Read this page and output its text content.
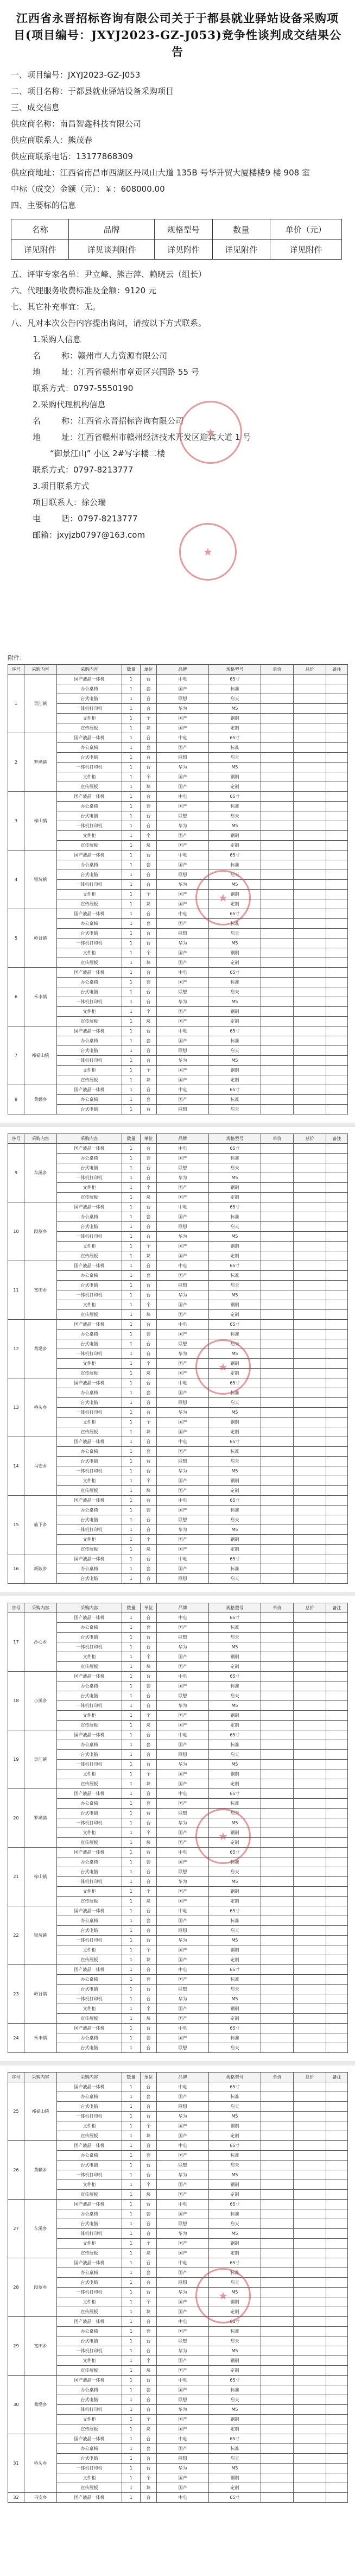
江西省永晋招标咨询有限公司关于于都县就业驿站设备采购项目(项目编号：JXYJ2023-GZ-J053)竞争性谈判成交结果公告
一、项目编号：JXYJ2023-GZ-J053
二、项目名称：于都县就业驿站设备采购项目
三、成交信息
供应商名称：南昌智鑫科技有限公司
供应商联系人：熊茂春
供应商联系电话：13177868309
供应商地址：江西省南昌市西湖区丹凤山大道 135B 号华升贸大厦楼楼9 楼 908 室
中标（成交）金额（元）：￥：608000.00
四、主要标的信息
名称	品牌	规格型号	数量	单价（元）
详见附件	详见谈判附件	详见附件	详见附件	详见附件
五、评审专家名单：尹立峰、熊吉萍、赖晓云（组长）
六、代理服务收费标准及金额：9120 元
七、其它补充事宜：无。
八、凡对本次公告内容提出询问，请按以下方式联系。
1.采购人信息
名        称：赣州市人力资源有限公司
地        址：江西省赣州市章贡区兴国路 55 号
联系方式：0797-5550190
2.采购代理机构信息
名        称：江西省永晋招标咨询有限公司
地        址：江西省赣州市赣州经济技术开发区迎宾大道 1 号
“御景江山” 小区 2#写字楼二楼
联系方式：0797-8213777
3.项目联系方式
项目联系人：徐公瑞
电        话：0797-8213777
邮箱：jxyjzb0797@163.com
★
★
附件：
序号	采购内容	采购内容	数量	单位	品牌	规格型号	单价	总价	备注
1	贡江镇	国产液晶一体机	1	台	中电	65寸			
		办公桌椅	1	套	国产	标准			
		台式电脑	1	台	联想	启天			
		一体机打印机	1	台	华为	M5			
		文件柜	1	个	国产	钢制			
		宣传展板	1	块	国产	定制			
2	罗坳镇	国产液晶一体机	1	台	中电	65寸			
		办公桌椅	1	套	国产	标准			
		台式电脑	1	台	联想	启天			
		一体机打印机	1	台	华为	M5			
		文件柜	1	个	国产	钢制			
		宣传展板	1	块	国产	定制			
3	梓山镇	国产液晶一体机	1	台	中电	65寸			
		办公桌椅	1	套	国产	标准			
		台式电脑	1	台	联想	启天			
		一体机打印机	1	台	华为	M5			
		文件柜	1	个	国产	钢制			
		宣传展板	1	块	国产	定制			
4	银坑镇	国产液晶一体机	1	台	中电	65寸			
		办公桌椅	1	套	国产	标准			
		台式电脑	1	台	联想	启天			
		一体机打印机	1	台	华为	M5			
		文件柜	1	个	国产	钢制			
		宣传展板	1	块	国产	定制			
5	岭背镇	国产液晶一体机	1	台	中电	65寸			
		办公桌椅	1	套	国产	标准			
		台式电脑	1	台	联想	启天			
		一体机打印机	1	台	华为	M5			
		文件柜	1	个	国产	钢制			
		宣传展板	1	块	国产	定制			
6	禾丰镇	国产液晶一体机	1	台	中电	65寸			
		办公桌椅	1	套	国产	标准			
		台式电脑	1	台	联想	启天			
		一体机打印机	1	台	华为	M5			
		文件柜	1	个	国产	钢制			
		宣传展板	1	块	国产	定制			
7	祁禄山镇	国产液晶一体机	1	台	中电	65寸			
		办公桌椅	1	套	国产	标准			
		台式电脑	1	台	联想	启天			
		一体机打印机	1	台	华为	M5			
		文件柜	1	个	国产	钢制			
		宣传展板	1	块	国产	定制			
8	黄麟乡	国产液晶一体机	1	台	中电	65寸			
		办公桌椅	1	套	国产	标准			
		台式电脑	1	台	联想	启天			
★
序号	采购内容	采购内容	数量	单位	品牌	规格型号	单价	总价	备注
9	车溪乡	国产液晶一体机	1	台	中电	65寸			
		办公桌椅	1	套	国产	标准			
		台式电脑	1	台	联想	启天			
		一体机打印机	1	台	华为	M5			
		文件柜	1	个	国产	钢制			
		宣传展板	1	块	国产	定制			
10	段屋乡	国产液晶一体机	1	台	中电	65寸			
		办公桌椅	1	套	国产	标准			
		台式电脑	1	台	联想	启天			
		一体机打印机	1	台	华为	M5			
		文件柜	1	个	国产	钢制			
		宣传展板	1	块	国产	定制			
11	宽田乡	国产液晶一体机	1	台	中电	65寸			
		办公桌椅	1	套	国产	标准			
		台式电脑	1	台	联想	启天			
		一体机打印机	1	台	华为	M5			
		文件柜	1	个	国产	钢制			
		宣传展板	1	块	国产	定制			
12	葛坳乡	国产液晶一体机	1	台	中电	65寸			
		办公桌椅	1	套	国产	标准			
		台式电脑	1	台	联想	启天			
		一体机打印机	1	台	华为	M5			
		文件柜	1	个	国产	钢制			
		宣传展板	1	块	国产	定制			
13	桥头乡	国产液晶一体机	1	台	中电	65寸			
		办公桌椅	1	套	国产	标准			
		台式电脑	1	台	联想	启天			
		一体机打印机	1	台	华为	M5			
		文件柜	1	个	国产	钢制			
		宣传展板	1	块	国产	定制			
14	马安乡	国产液晶一体机	1	台	中电	65寸			
		办公桌椅	1	套	国产	标准			
		台式电脑	1	台	联想	启天			
		一体机打印机	1	台	华为	M5			
		文件柜	1	个	国产	钢制			
		宣传展板	1	块	国产	定制			
15	仙下乡	国产液晶一体机	1	台	中电	65寸			
		办公桌椅	1	套	国产	标准			
		台式电脑	1	台	联想	启天			
		一体机打印机	1	台	华为	M5			
		文件柜	1	个	国产	钢制			
		宣传展板	1	块	国产	定制			
16	新陂乡	国产液晶一体机	1	台	中电	65寸			
		办公桌椅	1	套	国产	标准			
		台式电脑	1	台	联想	启天			
★
序号	采购内容	采购内容	数量	单位	品牌	规格型号	单价	总价	备注
17	沙心乡	国产液晶一体机	1	台	中电	65寸			
		办公桌椅	1	套	国产	标准			
		台式电脑	1	台	联想	启天			
		一体机打印机	1	台	华为	M5			
		文件柜	1	个	国产	钢制			
		宣传展板	1	块	国产	定制			
18	小溪乡	国产液晶一体机	1	台	中电	65寸			
		办公桌椅	1	套	国产	标准			
		台式电脑	1	台	联想	启天			
		一体机打印机	1	台	华为	M5			
		文件柜	1	个	国产	钢制			
		宣传展板	1	块	国产	定制			
19	贡江镇	国产液晶一体机	1	台	中电	65寸			
		办公桌椅	1	套	国产	标准			
		台式电脑	1	台	联想	启天			
		一体机打印机	1	台	华为	M5			
		文件柜	1	个	国产	钢制			
		宣传展板	1	块	国产	定制			
20	罗坳镇	国产液晶一体机	1	台	中电	65寸			
		办公桌椅	1	套	国产	标准			
		台式电脑	1	台	联想	启天			
		一体机打印机	1	台	华为	M5			
		文件柜	1	个	国产	钢制			
		宣传展板	1	块	国产	定制			
21	梓山镇	国产液晶一体机	1	台	中电	65寸			
		办公桌椅	1	套	国产	标准			
		台式电脑	1	台	联想	启天			
		一体机打印机	1	台	华为	M5			
		文件柜	1	个	国产	钢制			
		宣传展板	1	块	国产	定制			
22	银坑镇	国产液晶一体机	1	台	中电	65寸			
		办公桌椅	1	套	国产	标准			
		台式电脑	1	台	联想	启天			
		一体机打印机	1	台	华为	M5			
		文件柜	1	个	国产	钢制			
		宣传展板	1	块	国产	定制			
23	岭背镇	国产液晶一体机	1	台	中电	65寸			
		办公桌椅	1	套	国产	标准			
		台式电脑	1	台	联想	启天			
		一体机打印机	1	台	华为	M5			
		文件柜	1	个	国产	钢制			
		宣传展板	1	块	国产	定制			
24	禾丰镇	国产液晶一体机	1	台	中电	65寸			
		办公桌椅	1	套	国产	标准			
		台式电脑	1	台	联想	启天			
★
序号	采购内容	采购内容	数量	单位	品牌	规格型号	单价	总价	备注
25	祁禄山镇	国产液晶一体机	1	台	中电	65寸			
		办公桌椅	1	套	国产	标准			
		台式电脑	1	台	联想	启天			
		一体机打印机	1	台	华为	M5			
		文件柜	1	个	国产	钢制			
		宣传展板	1	块	国产	定制			
26	黄麟乡	国产液晶一体机	1	台	中电	65寸			
		办公桌椅	1	套	国产	标准			
		台式电脑	1	台	联想	启天			
		一体机打印机	1	台	华为	M5			
		文件柜	1	个	国产	钢制			
		宣传展板	1	块	国产	定制			
27	车溪乡	国产液晶一体机	1	台	中电	65寸			
		办公桌椅	1	套	国产	标准			
		台式电脑	1	台	联想	启天			
		一体机打印机	1	台	华为	M5			
		文件柜	1	个	国产	钢制			
		宣传展板	1	块	国产	定制			
28	段屋乡	国产液晶一体机	1	台	中电	65寸			
		办公桌椅	1	套	国产	标准			
		台式电脑	1	台	联想	启天			
		一体机打印机	1	台	华为	M5			
		文件柜	1	个	国产	钢制			
		宣传展板	1	块	国产	定制			
29	宽田乡	国产液晶一体机	1	台	中电	65寸			
		办公桌椅	1	套	国产	标准			
		台式电脑	1	台	联想	启天			
		一体机打印机	1	台	华为	M5			
		文件柜	1	个	国产	钢制			
		宣传展板	1	块	国产	定制			
30	葛坳乡	国产液晶一体机	1	台	中电	65寸			
		办公桌椅	1	套	国产	标准			
		台式电脑	1	台	联想	启天			
		一体机打印机	1	台	华为	M5			
		文件柜	1	个	国产	钢制			
		宣传展板	1	块	国产	定制			
31	桥头乡	国产液晶一体机	1	台	中电	65寸			
		办公桌椅	1	套	国产	标准			
		台式电脑	1	台	联想	启天			
		一体机打印机	1	台	华为	M5			
		文件柜	1	个	国产	钢制			
		宣传展板	1	块	国产	定制			
32	马安乡	国产液晶一体机	1	台	中电	65寸			
★
